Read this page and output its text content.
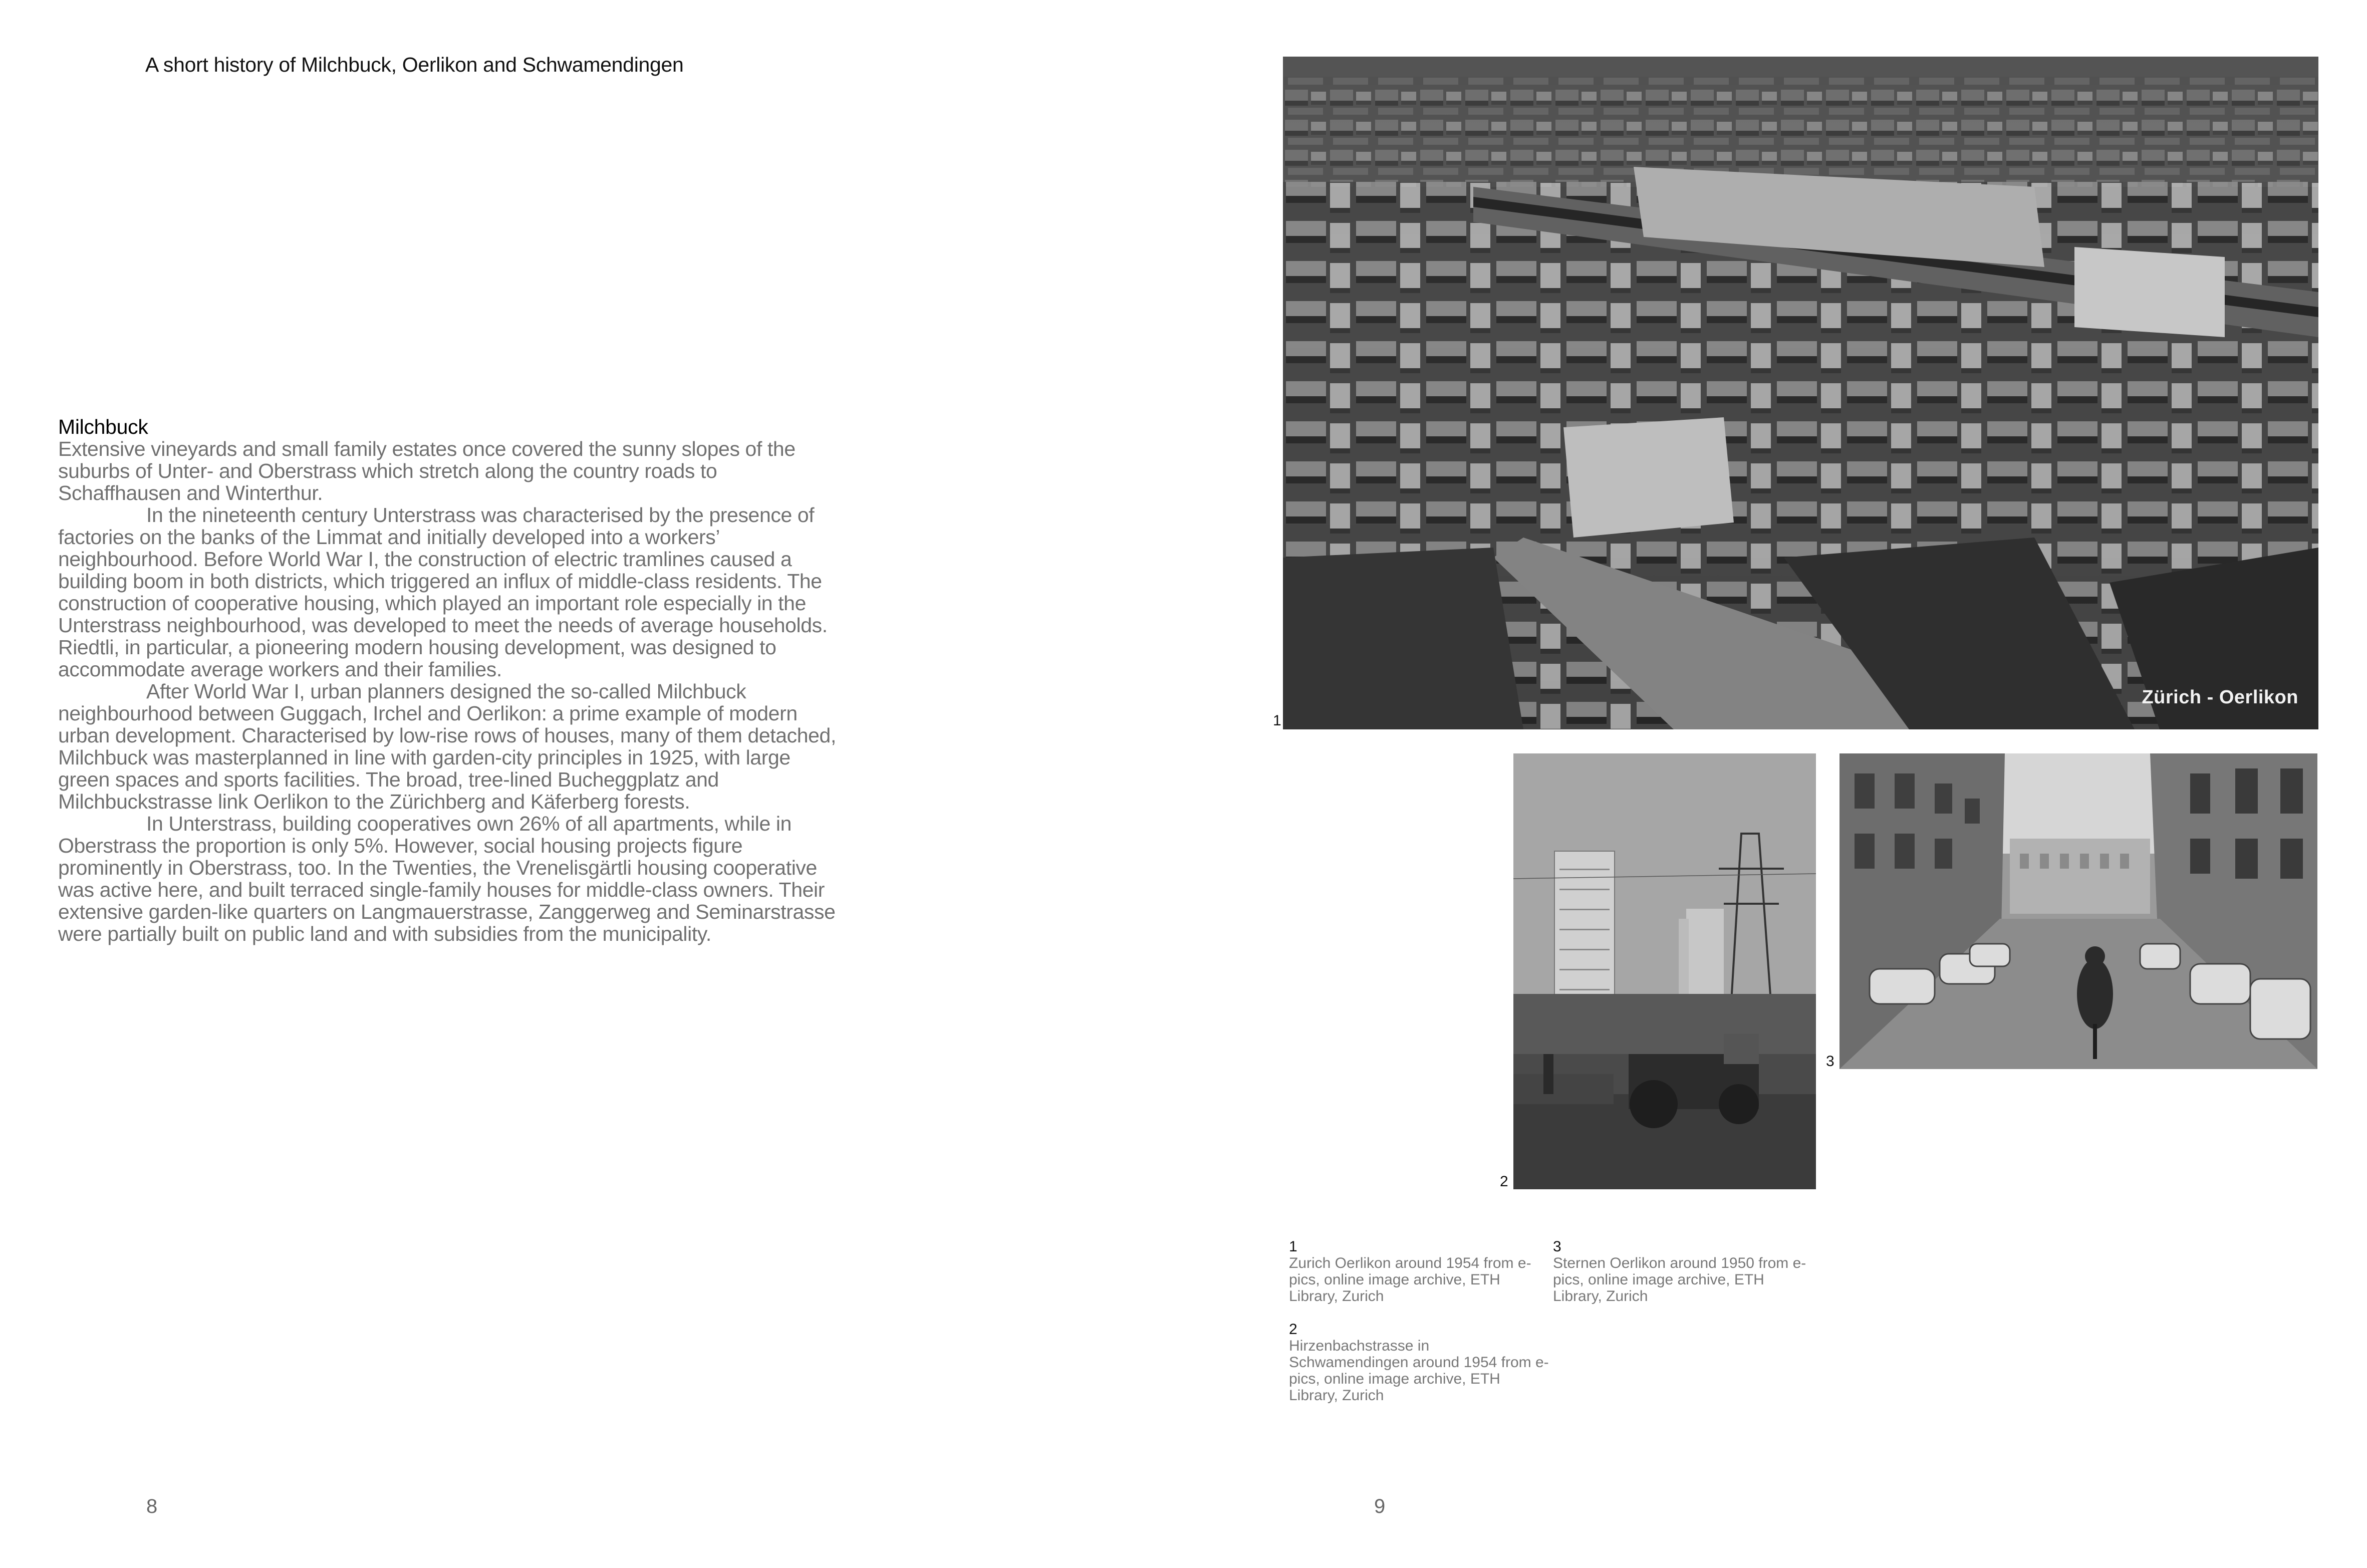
A short history of Milchbuck, Oerlikon and Schwamendingen
Milchbuck

Extensive vineyards and small family estates once covered the sunny slopes of the suburbs of Unter- and Oberstrass which stretch along the country roads to Schaffhausen and Winterthur.

In the nineteenth century Unterstrass was characterised by the presence of factories on the banks of the Limmat and initially developed into a workers’ neighbourhood. Before World War I, the construction of electric tramlines caused a building boom in both districts, which triggered an influx of middle-class residents. The construction of cooperative housing, which played an important role especially in the Unterstrass neighbourhood, was developed to meet the needs of average households. Riedtli, in particular, a pioneering modern housing development, was designed to accommodate average workers and their families.

After World War I, urban planners designed the so-called Milchbuck neighbourhood between Guggach, Irchel and Oerlikon: a prime example of modern urban development. Characterised by low-rise rows of houses, many of them detached, Milchbuck was masterplanned in line with garden-city principles in 1925, with large green spaces and sports facilities. The broad, tree-lined Bucheggplatz and Milchbuckstrasse link Oerlikon to the Zürichberg and Käferberg forests.

In Unterstrass, building cooperatives own 26% of all apartments, while in Oberstrass the proportion is only 5%. However, social housing projects figure prominently in Oberstrass, too. In the Twenties, the Vrenelisgärtli housing cooperative was active here, and built terraced single-family houses for middle-class owners. Their extensive garden-like quarters on Langmauerstrasse, Zanggerweg and Seminarstrasse were partially built on public land and with subsidies from the municipality.

8
Zürich - Oerlikon
1
2
3
1
Zurich Oerlikon around 1954 from e-pics, online image archive, ETH Library, Zurich
3
Sternen Oerlikon around 1950 from e-pics, online image archive, ETH Library, Zurich
2
Hirzenbachstrasse in Schwamendingen around 1954 from e-pics, online image archive, ETH Library, Zurich
9
